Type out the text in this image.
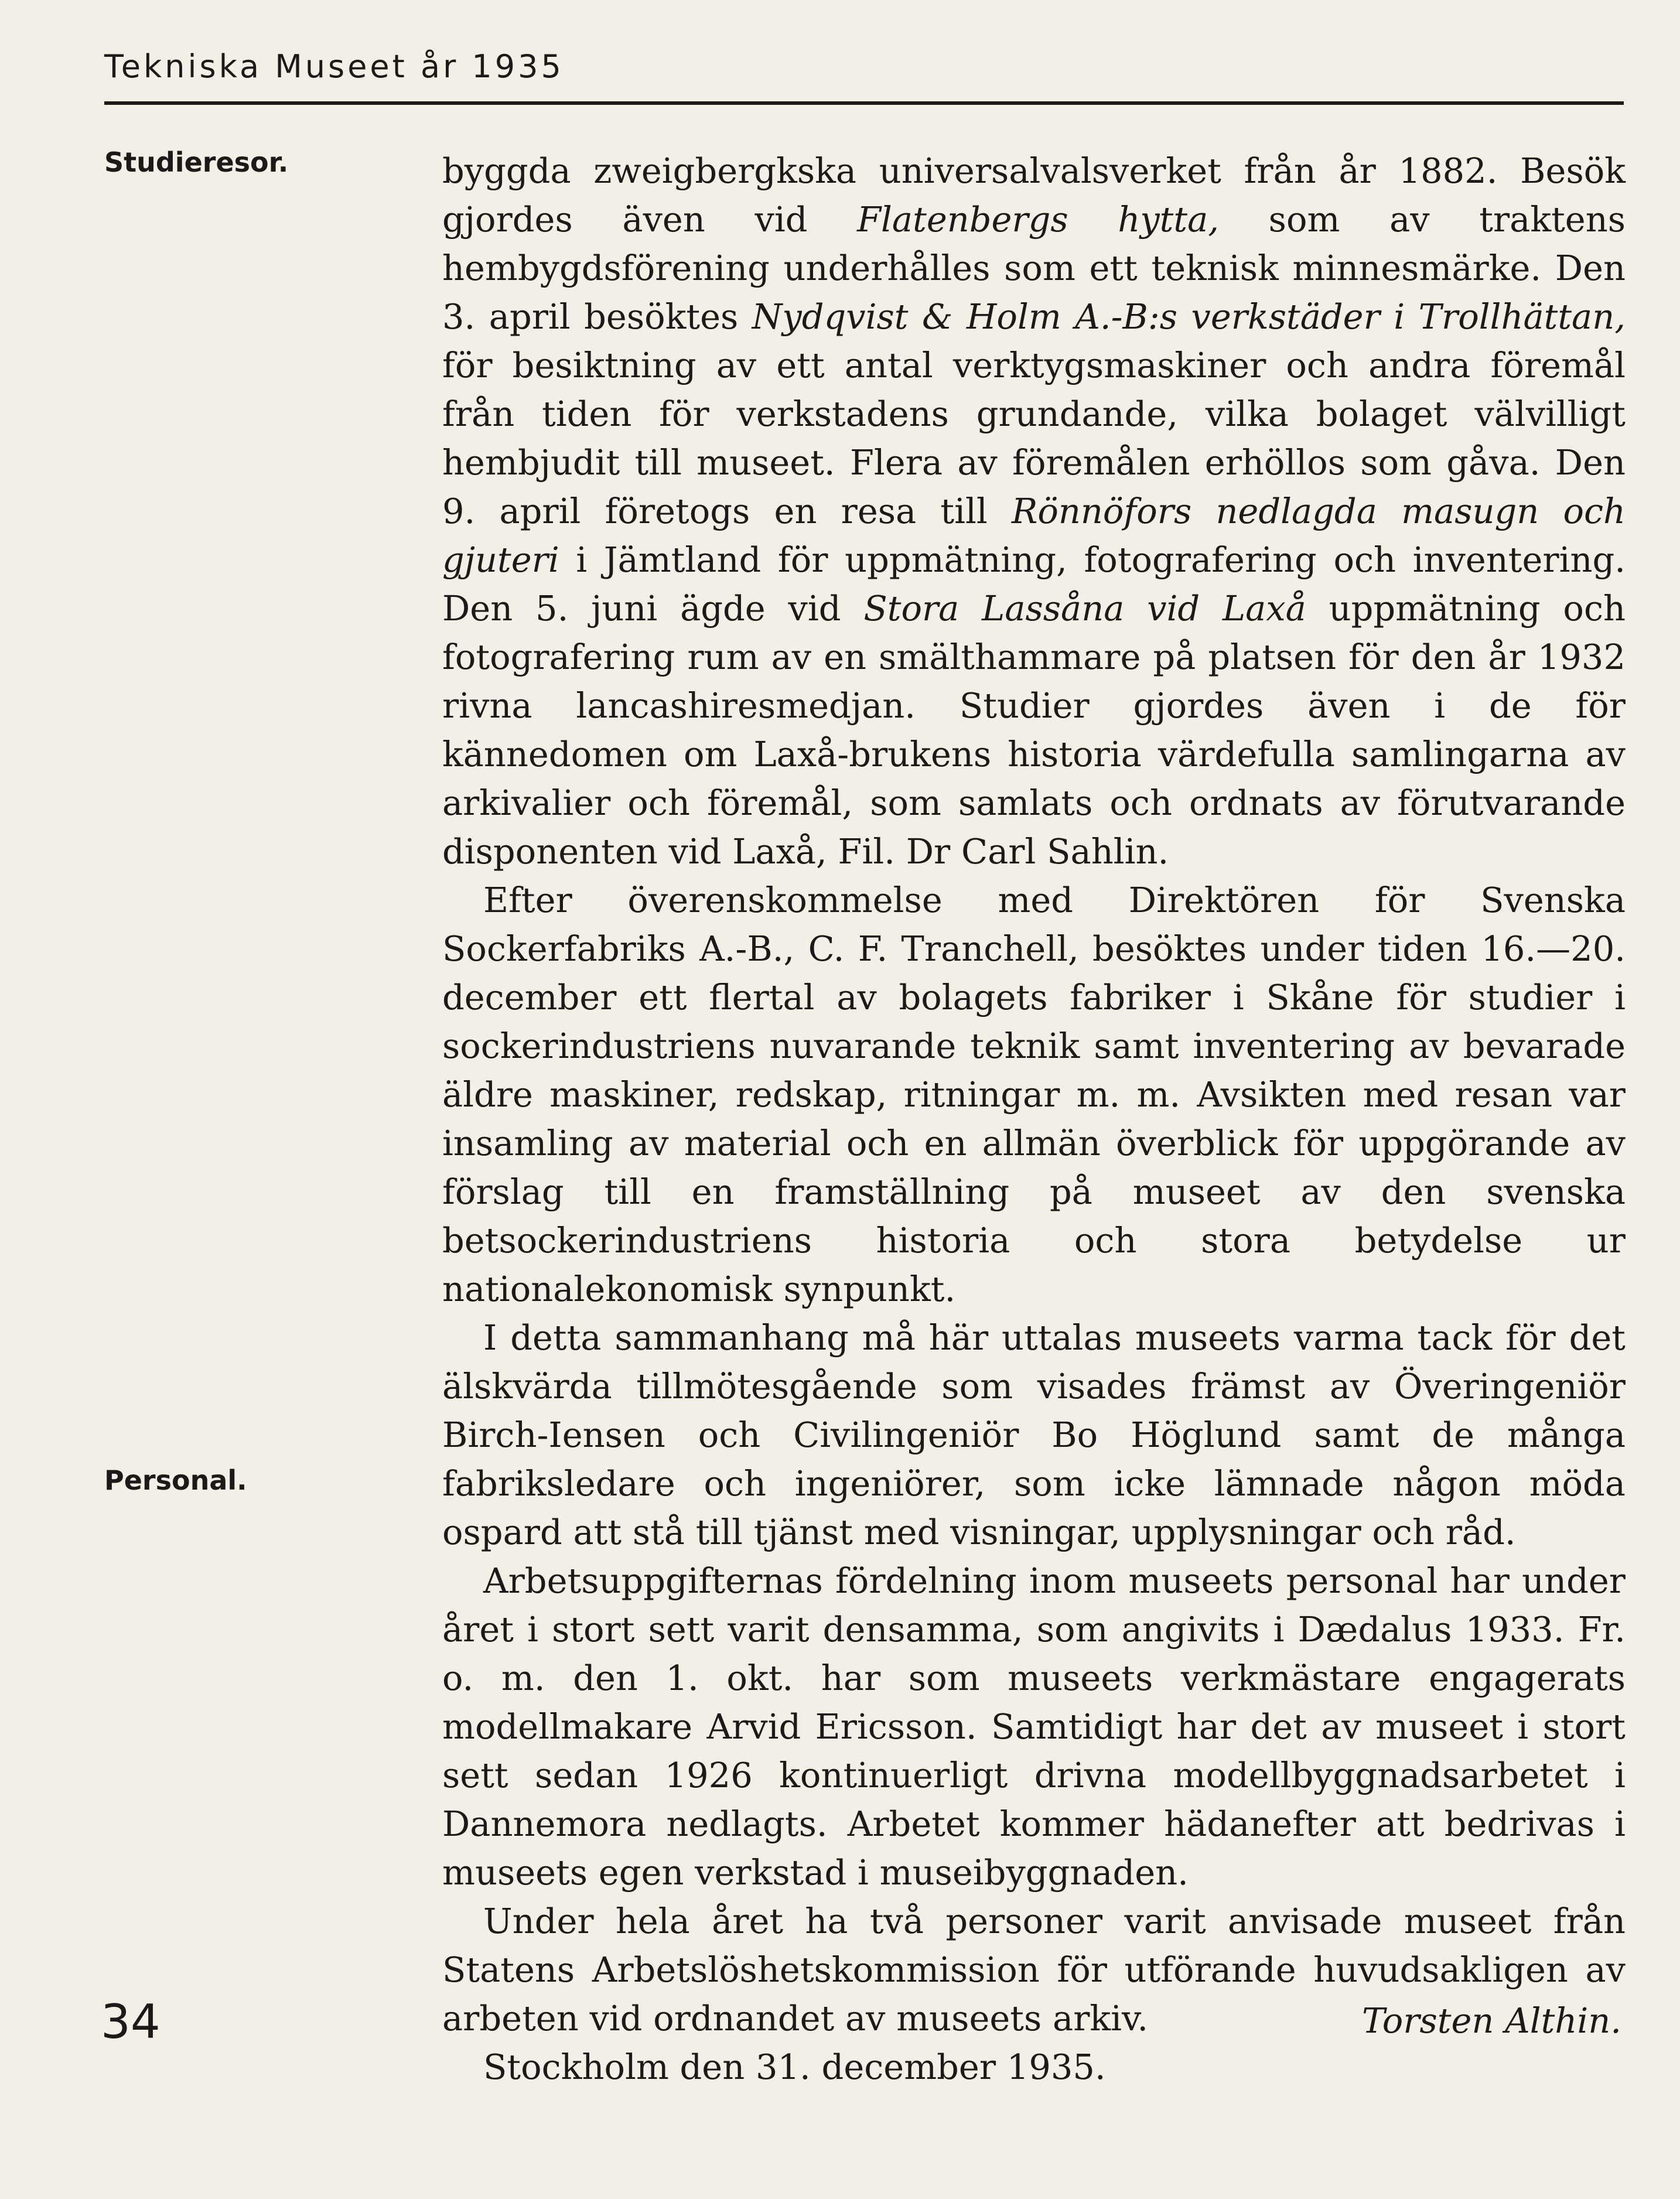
Tekniska Museet år 1935
Studieresor.
Personal.

byggda zweigbergkska universalvalsverket från år 1882. Besök gjordes även vid Flatenbergs hytta, som av traktens hembygdsförening underhålles som ett teknisk minnesmärke. Den 3. april besöktes Nydqvist & Holm A.-B:s verkstäder i Trollhättan, för besiktning av ett antal verktygsmaskiner och andra föremål från tiden för verkstadens grundande, vilka bolaget välvilligt hembjudit till museet. Flera av föremålen erhöllos som gåva. Den 9. april företogs en resa till Rönnöfors nedlagda masugn och gjuteri i Jämtland för uppmätning, fotografering och inventering. Den 5. juni ägde vid Stora Lassåna vid Laxå uppmätning och fotografering rum av en smälthammare på platsen för den år 1932 rivna lancashiresmedjan. Studier gjordes även i de för kännedomen om Laxå-brukens historia värdefulla samlingarna av arkivalier och föremål, som samlats och ordnats av förutvarande disponenten vid Laxå, Fil. Dr Carl Sahlin.

Efter överenskommelse med Direktören för Svenska Sockerfabriks A.-B., C. F. Tranchell, besöktes under tiden 16.—20. december ett flertal av bolagets fabriker i Skåne för studier i sockerindustriens nuvarande teknik samt inventering av bevarade äldre maskiner, redskap, ritningar m. m. Avsikten med resan var insamling av material och en allmän överblick för uppgörande av förslag till en framställning på museet av den svenska betsockerindustriens historia och stora betydelse ur nationalekonomisk synpunkt.

I detta sammanhang må här uttalas museets varma tack för det älskvärda tillmötesgående som visades främst av Överingeniör Birch-Iensen och Civilingeniör Bo Höglund samt de många fabriksledare och ingeniörer, som icke lämnade någon möda ospard att stå till tjänst med visningar, upplysningar och råd.

Arbetsuppgifternas fördelning inom museets personal har under året i stort sett varit densamma, som angivits i Dædalus 1933. Fr. o. m. den 1. okt. har som museets verkmästare engagerats modellmakare Arvid Ericsson. Samtidigt har det av museet i stort sett sedan 1926 kontinuerligt drivna modellbyggnadsarbetet i Dannemora nedlagts. Arbetet kommer hädanefter att bedrivas i museets egen verkstad i museibyggnaden.

Under hela året ha två personer varit anvisade museet från Statens Arbetslöshetskommission för utförande huvudsakligen av arbeten vid ordnandet av museets arkiv.

Stockholm den 31. december 1935.

Torsten Althin.
34
